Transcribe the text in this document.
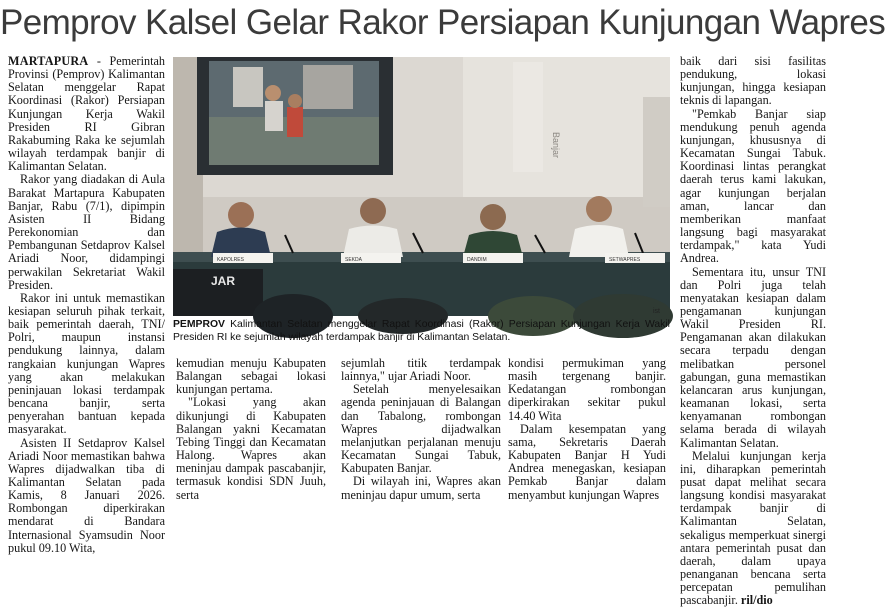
Pemprov Kalsel Gelar Rakor Persiapan Kunjungan Wapres

MARTAPURA - Pemerintah Provinsi (Pemprov) Kalimantan Selatan menggelar Rapat Koordinasi (Rakor) Persiapan Kunjungan Kerja Wakil Presiden RI Gibran Rakabuming Raka ke sejumlah wilayah terdampak banjir di Kalimantan Selatan.

Rakor yang diadakan di Aula Barakat Martapura Kabupaten Banjar, Rabu (7/1), dipimpin Asisten II Bidang Perekonomian dan Pembangunan Setdaprov Kalsel Ariadi Noor, didampingi perwakilan Sekretariat Wakil Presiden.

Rakor ini untuk memastikan kesiapan seluruh pihak terkait, baik pemerintah daerah, TNI/ Polri, maupun instansi pendukung lainnya, dalam rangkaian kunjungan Wapres yang akan melakukan peninjauan lokasi terdampak bencana banjir, serta penyerahan bantuan kepada masyarakat.

Asisten II Setdaprov Kalsel Ariadi Noor memastikan bahwa Wapres dijadwalkan tiba di Kalimantan Selatan pada Kamis, 8 Januari 2026. Rombongan diperkirakan mendarat di Bandara Internasional Syamsudin Noor pukul 09.10 Wita,

Banjar
KAPOLRES	SEKDA	DANDIM	SETWAPRES
JAR
ist
PEMPROV Kalimantan Selatan menggelar Rapat Koordinasi (Rakor) Persiapan Kunjungan Kerja Wakil Presiden RI ke sejumlah wilayah terdampak banjir di Kalimantan Selatan.

kemudian menuju Kabupaten Balangan sebagai lokasi kunjungan pertama.

"Lokasi yang akan dikunjungi di Kabupaten Balangan yakni Kecamatan Tebing Tinggi dan Kecamatan Halong. Wapres akan meninjau dampak pascabanjir, termasuk kondisi SDN Juuh, serta

sejumlah titik terdampak lainnya," ujar Ariadi Noor.

Setelah menyelesaikan agenda peninjauan di Balangan dan Tabalong, rombongan Wapres dijadwalkan melanjutkan perjalanan menuju Kecamatan Sungai Tabuk, Kabupaten Banjar.

Di wilayah ini, Wapres akan meninjau dapur umum, serta

kondisi permukiman yang masih tergenang banjir. Kedatangan rombongan diperkirakan sekitar pukul 14.40 Wita

Dalam kesempatan yang sama, Sekretaris Daerah Kabupaten Banjar H Yudi Andrea menegaskan, kesiapan Pemkab Banjar dalam menyambut kunjungan Wapres

baik dari sisi fasilitas pendukung, lokasi kunjungan, hingga kesiapan teknis di lapangan.

"Pemkab Banjar siap mendukung penuh agenda kunjungan, khususnya di Kecamatan Sungai Tabuk. Koordinasi lintas perangkat daerah terus kami lakukan, agar kunjungan berjalan aman, lancar dan memberikan manfaat langsung bagi masyarakat terdampak," kata Yudi Andrea.

Sementara itu, unsur TNI dan Polri juga telah menyatakan kesiapan dalam pengamanan kunjungan Wakil Presiden RI. Pengamanan akan dilakukan secara terpadu dengan melibatkan personel gabungan, guna memastikan kelancaran arus kunjungan, keamanan lokasi, serta kenyamanan rombongan selama berada di wilayah Kalimantan Selatan.

Melalui kunjungan kerja ini, diharapkan pemerintah pusat dapat melihat secara langsung kondisi masyarakat terdampak banjir di Kalimantan Selatan, sekaligus memperkuat sinergi antara pemerintah pusat dan daerah, dalam upaya penanganan bencana serta percepatan pemulihan pascabanjir. ril/dio
